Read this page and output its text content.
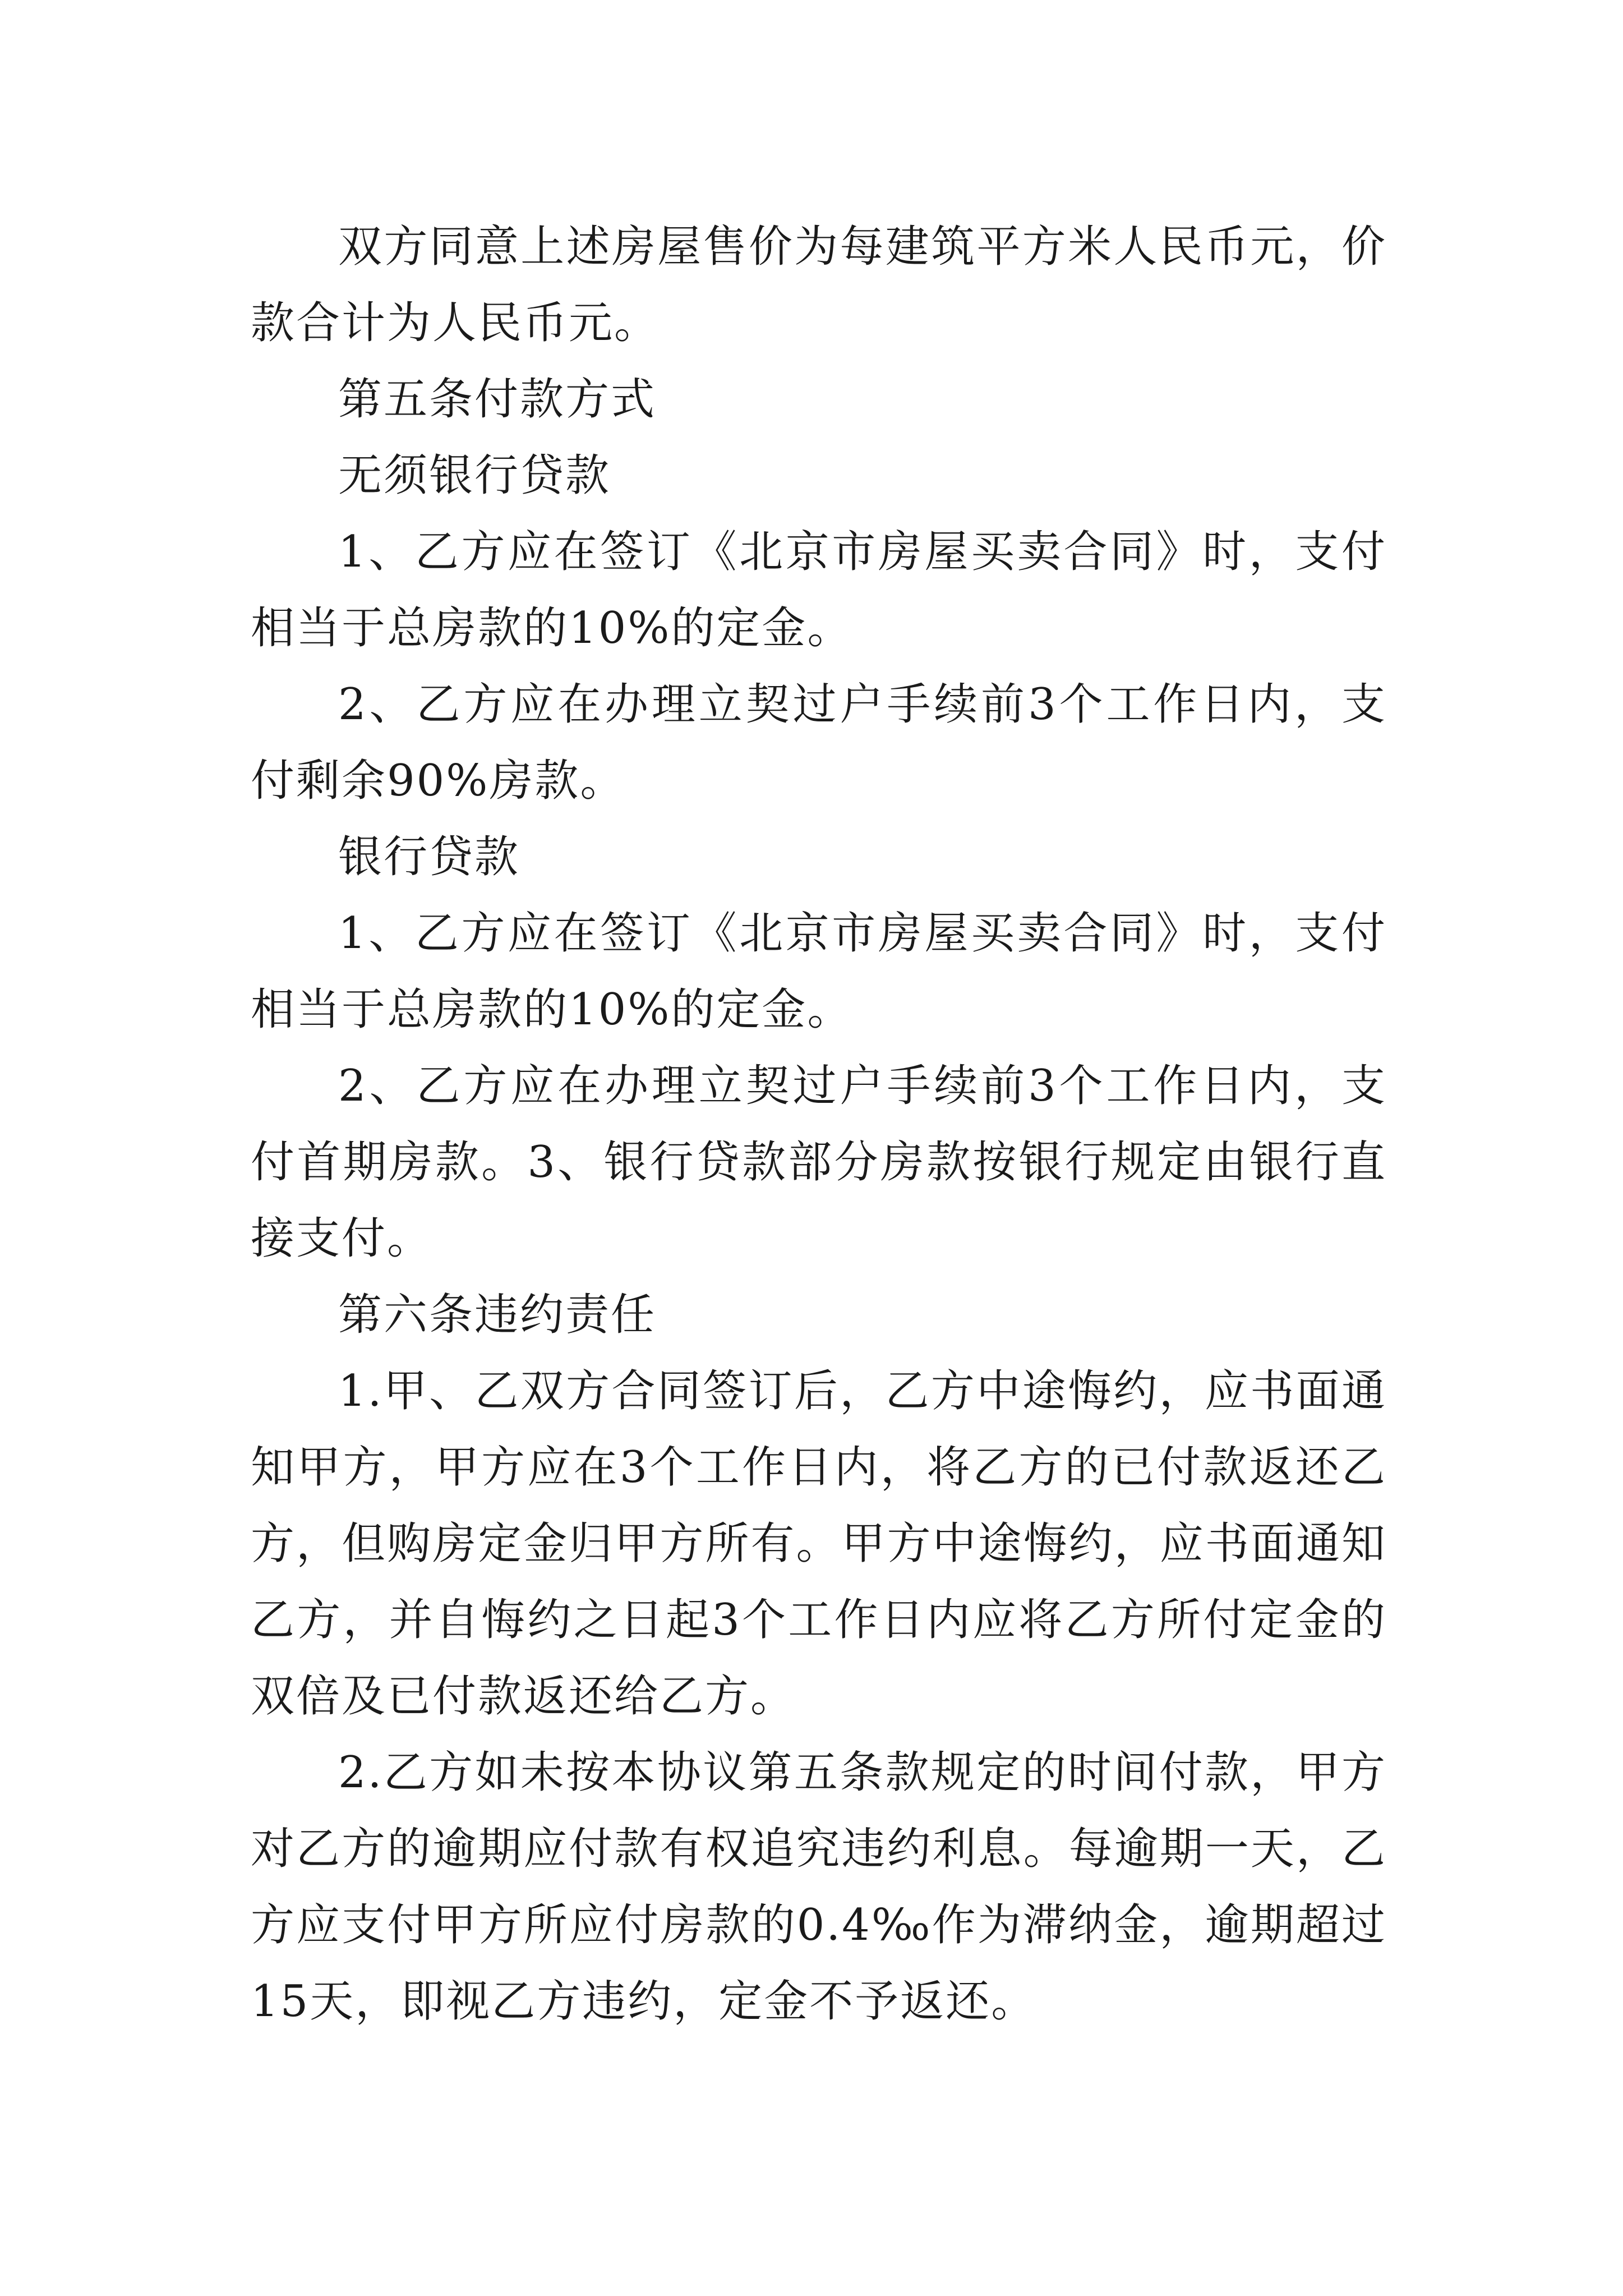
双方同意上述房屋售价为每建筑平方米人民币元，价款合计为人民币元。

第五条付款方式

无须银行贷款

1、乙方应在签订《北京市房屋买卖合同》时，支付相当于总房款的10%的定金。

2、乙方应在办理立契过户手续前3个工作日内，支付剩余90%房款。

银行贷款

1、乙方应在签订《北京市房屋买卖合同》时，支付相当于总房款的10%的定金。

2、乙方应在办理立契过户手续前3个工作日内，支付首期房款。3、银行贷款部分房款按银行规定由银行直接支付。

第六条违约责任

1.甲、乙双方合同签订后，乙方中途悔约，应书面通知甲方，甲方应在3个工作日内，将乙方的已付款返还乙方，但购房定金归甲方所有。甲方中途悔约，应书面通知乙方，并自悔约之日起3个工作日内应将乙方所付定金的双倍及已付款返还给乙方。

2.乙方如未按本协议第五条款规定的时间付款，甲方对乙方的逾期应付款有权追究违约利息。每逾期一天，乙方应支付甲方所应付房款的0.4‰作为滞纳金，逾期超过15天，即视乙方违约，定金不予返还。
